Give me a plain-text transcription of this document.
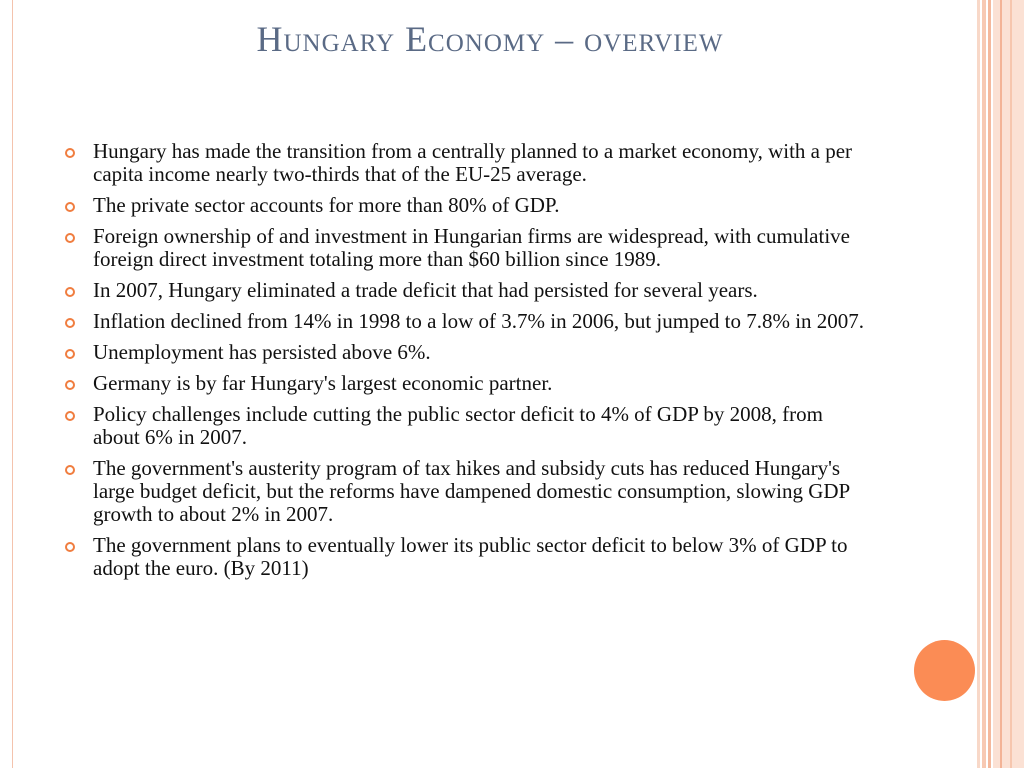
Hungary Economy – overview
Hungary has made the transition from a centrally planned to a market economy, with a per capita income nearly two-thirds that of the EU-25 average.
The private sector accounts for more than 80% of GDP.
Foreign ownership of and investment in Hungarian firms are widespread, with cumulative foreign direct investment totaling more than $60 billion since 1989.
In 2007, Hungary eliminated a trade deficit that had persisted for several years.
Inflation declined from 14% in 1998 to a low of 3.7% in 2006, but jumped to 7.8% in 2007.
Unemployment has persisted above 6%.
Germany is by far Hungary's largest economic partner.
Policy challenges include cutting the public sector deficit to 4% of GDP by 2008, from about 6% in 2007.
The government's austerity program of tax hikes and subsidy cuts has reduced Hungary's large budget deficit, but the reforms have dampened domestic consumption, slowing GDP growth to about 2% in 2007.
The government plans to eventually lower its public sector deficit to below 3% of GDP to adopt the euro. (By 2011)
